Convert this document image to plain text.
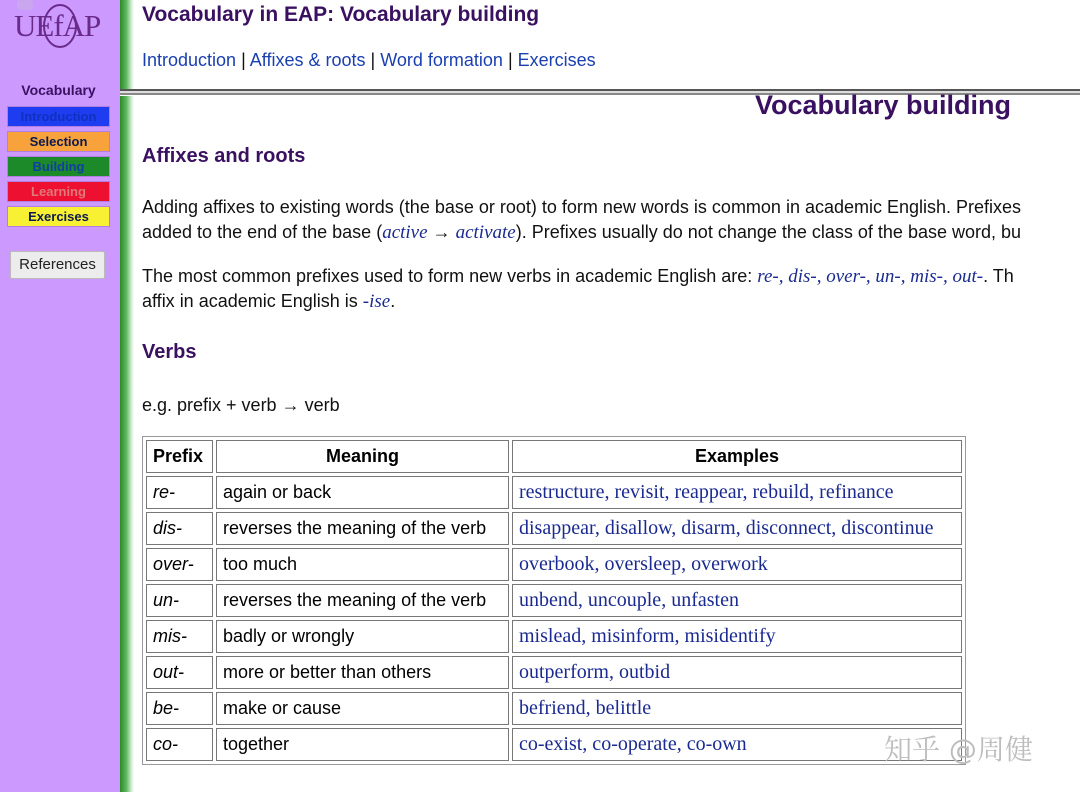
UEfAP
Vocabulary
Introduction
Selection
Building
Learning
Exercises
References
Vocabulary in EAP: Vocabulary building
Introduction | Affixes & roots | Word formation | Exercises
Vocabulary building
Affixes and roots
Adding affixes to existing words (the base or root) to form new words is common in academic English. Prefixes
added to the end of the base (active → activate). Prefixes usually do not change the class of the base word, bu
The most common prefixes used to form new verbs in academic English are: re-, dis-, over-, un-, mis-, out-. Th
affix in academic English is -ise.
Verbs
e.g. prefix + verb → verb
Prefix	Meaning	Examples
re-	again or back	restructure, revisit, reappear, rebuild, refinance
dis-	reverses the meaning of the verb	disappear, disallow, disarm, disconnect, discontinue
over-	too much	overbook, oversleep, overwork
un-	reverses the meaning of the verb	unbend, uncouple, unfasten
mis-	badly or wrongly	mislead, misinform, misidentify
out-	more or better than others	outperform, outbid
be-	make or cause	befriend, belittle
co-	together	co-exist, co-operate, co-own	知乎 @周健
